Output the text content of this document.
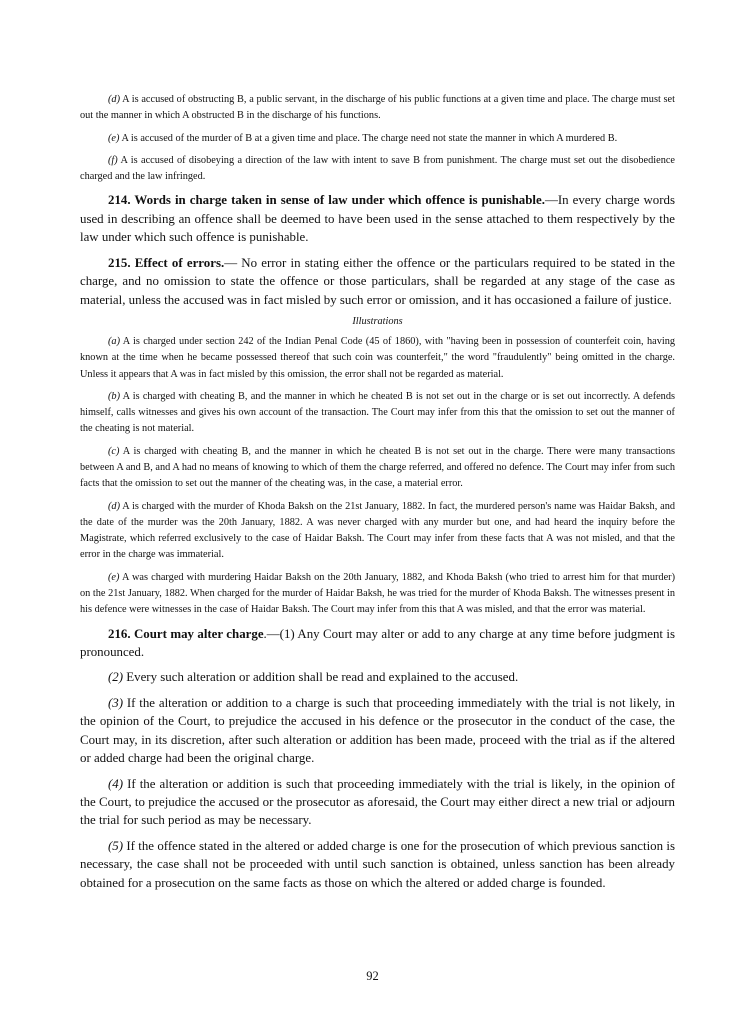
(d) A is accused of obstructing B, a public servant, in the discharge of his public functions at a given time and place. The charge must set out the manner in which A obstructed B in the discharge of his functions.

(e) A is accused of the murder of B at a given time and place. The charge need not state the manner in which A murdered B.

(f) A is accused of disobeying a direction of the law with intent to save B from punishment. The charge must set out the disobedience charged and the law infringed.

214. Words in charge taken in sense of law under which offence is punishable.—In every charge words used in describing an offence shall be deemed to have been used in the sense attached to them respectively by the law under which such offence is punishable.

215. Effect of errors.— No error in stating either the offence or the particulars required to be stated in the charge, and no omission to state the offence or those particulars, shall be regarded at any stage of the case as material, unless the accused was in fact misled by such error or omission, and it has occasioned a failure of justice.

Illustrations

(a) A is charged under section 242 of the Indian Penal Code (45 of 1860), with "having been in possession of counterfeit coin, having known at the time when he became possessed thereof that such coin was counterfeit," the word "fraudulently" being omitted in the charge. Unless it appears that A was in fact misled by this omission, the error shall not be regarded as material.

(b) A is charged with cheating B, and the manner in which he cheated B is not set out in the charge or is set out incorrectly. A defends himself, calls witnesses and gives his own account of the transaction. The Court may infer from this that the omission to set out the manner of the cheating is not material.

(c) A is charged with cheating B, and the manner in which he cheated B is not set out in the charge. There were many transactions between A and B, and A had no means of knowing to which of them the charge referred, and offered no defence. The Court may infer from such facts that the omission to set out the manner of the cheating was, in the case, a material error.

(d) A is charged with the murder of Khoda Baksh on the 21st January, 1882. In fact, the murdered person's name was Haidar Baksh, and the date of the murder was the 20th January, 1882. A was never charged with any murder but one, and had heard the inquiry before the Magistrate, which referred exclusively to the case of Haidar Baksh. The Court may infer from these facts that A was not misled, and that the error in the charge was immaterial.

(e) A was charged with murdering Haidar Baksh on the 20th January, 1882, and Khoda Baksh (who tried to arrest him for that murder) on the 21st January, 1882. When charged for the murder of Haidar Baksh, he was tried for the murder of Khoda Baksh. The witnesses present in his defence were witnesses in the case of Haidar Baksh. The Court may infer from this that A was misled, and that the error was material.

216. Court may alter charge.—(1) Any Court may alter or add to any charge at any time before judgment is pronounced.

(2) Every such alteration or addition shall be read and explained to the accused.

(3) If the alteration or addition to a charge is such that proceeding immediately with the trial is not likely, in the opinion of the Court, to prejudice the accused in his defence or the prosecutor in the conduct of the case, the Court may, in its discretion, after such alteration or addition has been made, proceed with the trial as if the altered or added charge had been the original charge.

(4) If the alteration or addition is such that proceeding immediately with the trial is likely, in the opinion of the Court, to prejudice the accused or the prosecutor as aforesaid, the Court may either direct a new trial or adjourn the trial for such period as may be necessary.

(5) If the offence stated in the altered or added charge is one for the prosecution of which previous sanction is necessary, the case shall not be proceeded with until such sanction is obtained, unless sanction has been already obtained for a prosecution on the same facts as those on which the altered or added charge is founded.

92
